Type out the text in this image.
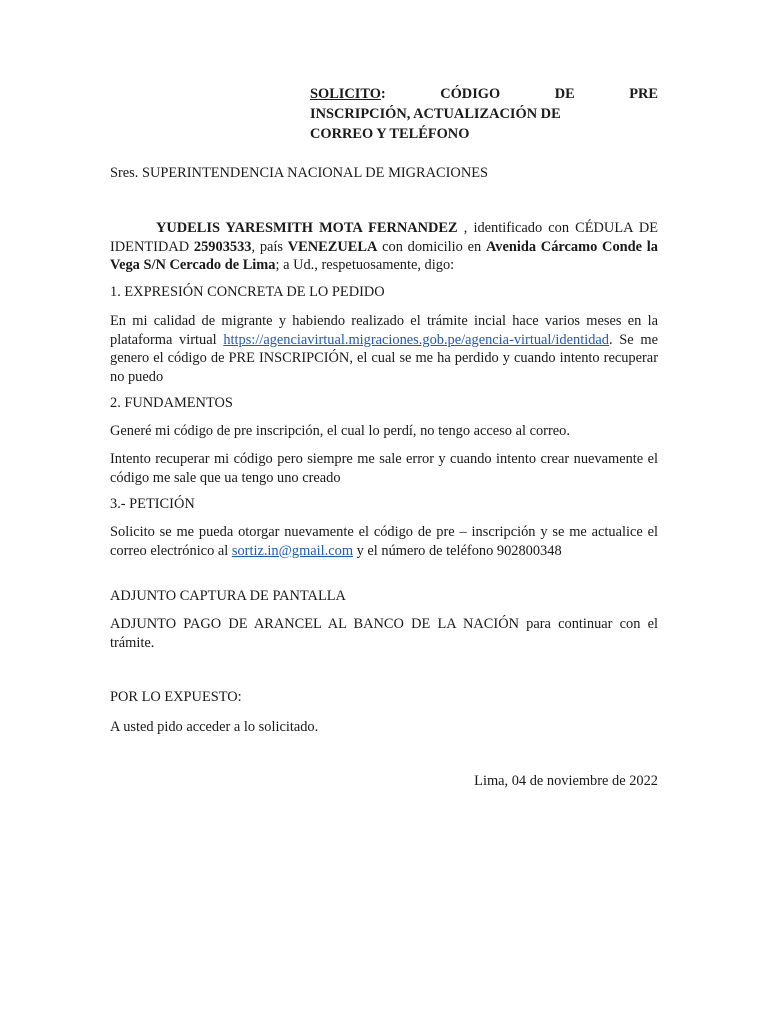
SOLICITO:	CÓDIGO	DE	PRE
INSCRIPCIÓN, ACTUALIZACIÓN DE
CORREO Y TELÉFONO
Sres. SUPERINTENDENCIA NACIONAL DE MIGRACIONES
YUDELIS YARESMITH MOTA FERNANDEZ , identificado con CÉDULA DE IDENTIDAD 25903533, país VENEZUELA con domicilio en Avenida Cárcamo Conde la Vega S/N Cercado de Lima; a Ud., respetuosamente, digo:
1. EXPRESIÓN CONCRETA DE LO PEDIDO
En mi calidad de migrante y habiendo realizado el trámite incial hace varios meses en la plataforma virtual https://agenciavirtual.migraciones.gob.pe/agencia-virtual/identidad. Se me genero el código de PRE INSCRIPCIÓN, el cual se me ha perdido y cuando intento recuperar no puedo
2. FUNDAMENTOS
Generé mi código de pre inscripción, el cual lo perdí, no tengo acceso al correo.
Intento recuperar mi código pero siempre me sale error y cuando intento crear nuevamente el código me sale que ua tengo uno creado
3.- PETICIÓN
Solicito se me pueda otorgar nuevamente el código de pre – inscripción y se me actualice el correo electrónico al sortiz.in@gmail.com y el número de teléfono 902800348
ADJUNTO CAPTURA DE PANTALLA
ADJUNTO PAGO DE ARANCEL AL BANCO DE LA NACIÓN para continuar con el trámite.
POR LO EXPUESTO:
A usted pido acceder a lo solicitado.
Lima, 04 de noviembre de 2022
